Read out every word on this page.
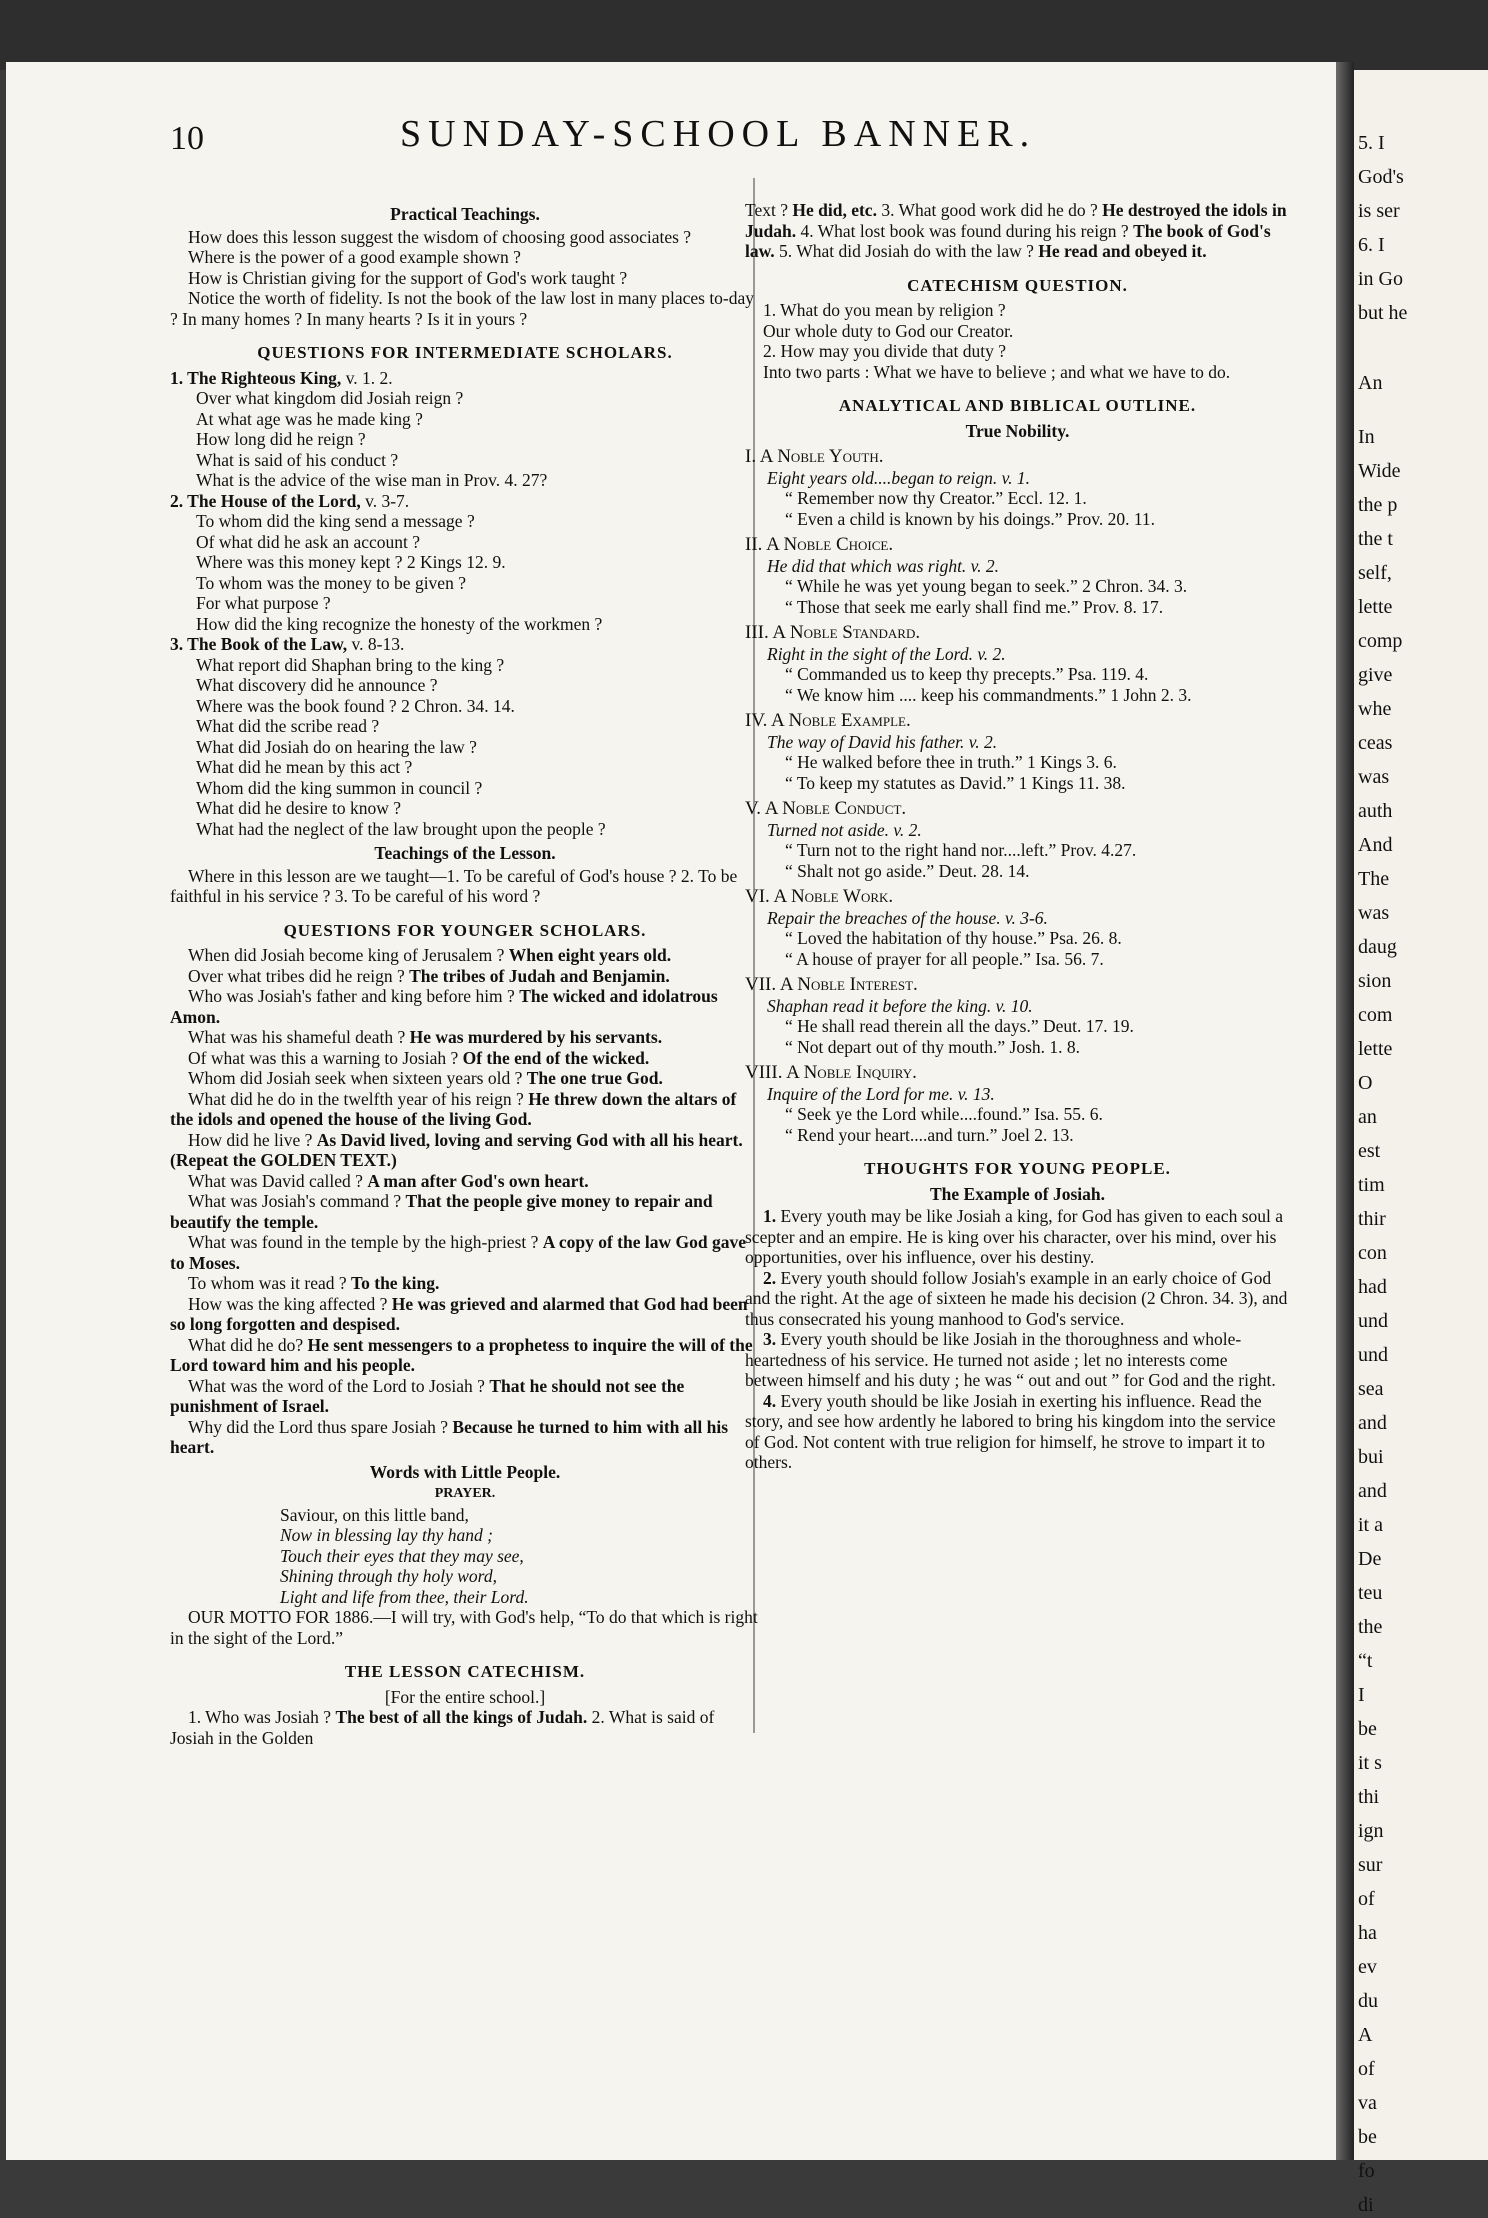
5. I
God's
is ser
6. I
in Go
but he
An
In
Wide
the p
the t
self,
lette
comp
give
whe
ceas
was
auth
And
The
was
daug
sion
com
lette
O
an
est
tim
thir
con
had
und
und
sea
and
bui
and
it a
De
teu
the
“t
I
be
it s
thi
ign
sur
of
ha
ev
du
A
of
va
be
fo
di
10	SUNDAY-SCHOOL BANNER.
Practical Teachings.

How does this lesson suggest the wisdom of choosing good associates ?

Where is the power of a good example shown ?

How is Christian giving for the support of God's work taught ?

Notice the worth of fidelity. Is not the book of the law lost in many places to-day ? In many homes ? In many hearts ? Is it in yours ?

QUESTIONS FOR INTERMEDIATE SCHOLARS.

1. The Righteous King, v. 1. 2.

Over what kingdom did Josiah reign ?

At what age was he made king ?

How long did he reign ?

What is said of his conduct ?

What is the advice of the wise man in Prov. 4. 27?

2. The House of the Lord, v. 3-7.

To whom did the king send a message ?

Of what did he ask an account ?

Where was this money kept ? 2 Kings 12. 9.

To whom was the money to be given ?

For what purpose ?

How did the king recognize the honesty of the workmen ?

3. The Book of the Law, v. 8-13.

What report did Shaphan bring to the king ?

What discovery did he announce ?

Where was the book found ? 2 Chron. 34. 14.

What did the scribe read ?

What did Josiah do on hearing the law ?

What did he mean by this act ?

Whom did the king summon in council ?

What did he desire to know ?

What had the neglect of the law brought upon the people ?

Teachings of the Lesson.

Where in this lesson are we taught—1. To be careful of God's house ? 2. To be faithful in his service ? 3. To be careful of his word ?

QUESTIONS FOR YOUNGER SCHOLARS.

When did Josiah become king of Jerusalem ? When eight years old.

Over what tribes did he reign ? The tribes of Judah and Benjamin.

Who was Josiah's father and king before him ? The wicked and idolatrous Amon.

What was his shameful death ? He was murdered by his servants.

Of what was this a warning to Josiah ? Of the end of the wicked.

Whom did Josiah seek when sixteen years old ? The one true God.

What did he do in the twelfth year of his reign ? He threw down the altars of the idols and opened the house of the living God.

How did he live ? As David lived, loving and serving God with all his heart. (Repeat the GOLDEN TEXT.)

What was David called ? A man after God's own heart.

What was Josiah's command ? That the people give money to repair and beautify the temple.

What was found in the temple by the high-priest ? A copy of the law God gave to Moses.

To whom was it read ? To the king.

How was the king affected ? He was grieved and alarmed that God had been so long forgotten and despised.

What did he do? He sent messengers to a prophetess to inquire the will of the Lord toward him and his people.

What was the word of the Lord to Josiah ? That he should not see the punishment of Israel.

Why did the Lord thus spare Josiah ? Because he turned to him with all his heart.

Words with Little People.
PRAYER.

Saviour, on this little band,

Now in blessing lay thy hand ;

Touch their eyes that they may see,

Shining through thy holy word,

Light and life from thee, their Lord.

OUR MOTTO FOR 1886.—I will try, with God's help, “To do that which is right in the sight of the Lord.”

THE LESSON CATECHISM.
[For the entire school.]

1. Who was Josiah ? The best of all the kings of Judah. 2. What is said of Josiah in the Golden

Text ? He did, etc. 3. What good work did he do ? He destroyed the idols in Judah. 4. What lost book was found during his reign ? The book of God's law. 5. What did Josiah do with the law ? He read and obeyed it.

CATECHISM QUESTION.

1. What do you mean by religion ?

Our whole duty to God our Creator.

2. How may you divide that duty ?

Into two parts : What we have to believe ; and what we have to do.

ANALYTICAL AND BIBLICAL OUTLINE.
True Nobility.

I. A Noble Youth.

Eight years old....began to reign. v. 1.

“ Remember now thy Creator.” Eccl. 12. 1.

“ Even a child is known by his doings.” Prov. 20. 11.

II. A Noble Choice.

He did that which was right. v. 2.

“ While he was yet young began to seek.” 2 Chron. 34. 3.

“ Those that seek me early shall find me.” Prov. 8. 17.

III. A Noble Standard.

Right in the sight of the Lord. v. 2.

“ Commanded us to keep thy precepts.” Psa. 119. 4.

“ We know him .... keep his commandments.” 1 John 2. 3.

IV. A Noble Example.

The way of David his father. v. 2.

“ He walked before thee in truth.” 1 Kings 3. 6.

“ To keep my statutes as David.” 1 Kings 11. 38.

V. A Noble Conduct.

Turned not aside. v. 2.

“ Turn not to the right hand nor....left.” Prov. 4.27.

“ Shalt not go aside.” Deut. 28. 14.

VI. A Noble Work.

Repair the breaches of the house. v. 3-6.

“ Loved the habitation of thy house.” Psa. 26. 8.

“ A house of prayer for all people.” Isa. 56. 7.

VII. A Noble Interest.

Shaphan read it before the king. v. 10.

“ He shall read therein all the days.” Deut. 17. 19.

“ Not depart out of thy mouth.” Josh. 1. 8.

VIII. A Noble Inquiry.

Inquire of the Lord for me. v. 13.

“ Seek ye the Lord while....found.” Isa. 55. 6.

“ Rend your heart....and turn.” Joel 2. 13.

THOUGHTS FOR YOUNG PEOPLE.
The Example of Josiah.

1. Every youth may be like Josiah a king, for God has given to each soul a scepter and an empire. He is king over his character, over his mind, over his opportunities, over his influence, over his destiny.

2. Every youth should follow Josiah's example in an early choice of God and the right. At the age of sixteen he made his decision (2 Chron. 34. 3), and thus consecrated his young manhood to God's service.

3. Every youth should be like Josiah in the thoroughness and whole-heartedness of his service. He turned not aside ; let no interests come between himself and his duty ; he was “ out and out ” for God and the right.

4. Every youth should be like Josiah in exerting his influence. Read the story, and see how ardently he labored to bring his kingdom into the service of God. Not content with true religion for himself, he strove to impart it to others.
